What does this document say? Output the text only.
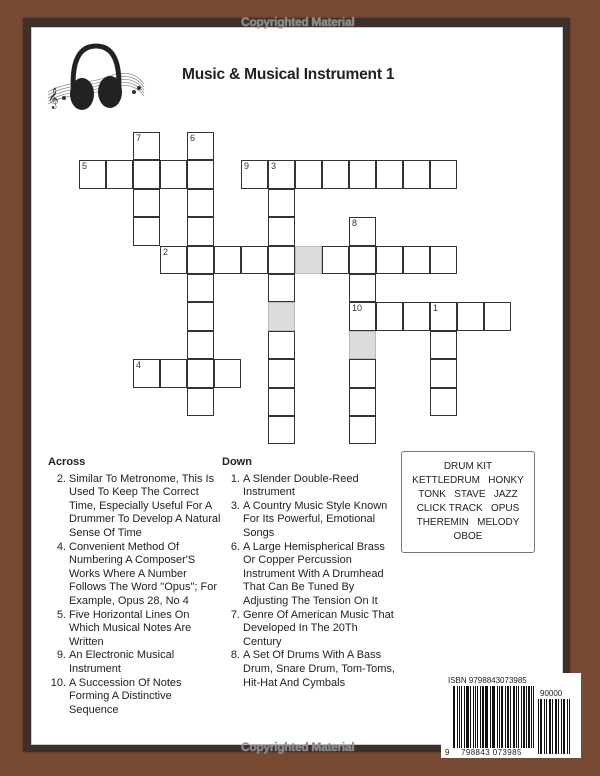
Copyrighted Material
𝄞
Music & Musical Instrument 1
7	6
5	9 3
8
2
10	1
4
Across
2. Similar To Metronome, This Is Used To Keep The Correct Time, Especially Useful For A Drummer To Develop A Natural Sense Of Time
4. Convenient Method Of Numbering A Composer'S Works Where A Number Follows The Word "Opus"; For Example, Opus 28, No 4
5. Five Horizontal Lines On Which Musical Notes Are Written
9. An Electronic Musical Instrument
10. A Succession Of Notes Forming A Distinctive Sequence
Down
1. A Slender Double-Reed Instrument
3. A Country Music Style Known For Its Powerful, Emotional Songs
6. A Large Hemispherical Brass Or Copper Percussion Instrument With A Drumhead That Can Be Tuned By Adjusting The Tension On It
7. Genre Of American Music That Developed In The 20Th Century
8. A Set Of Drums With A Bass Drum, Snare Drum, Tom-Toms, Hit-Hat And Cymbals
DRUM KIT
KETTLEDRUM   HONKY
TONK   STAVE   JAZZ
CLICK TRACK   OPUS
THEREMIN   MELODY
OBOE
Copyrighted Material
ISBN 9798843073985
90000
9 798843 073985
